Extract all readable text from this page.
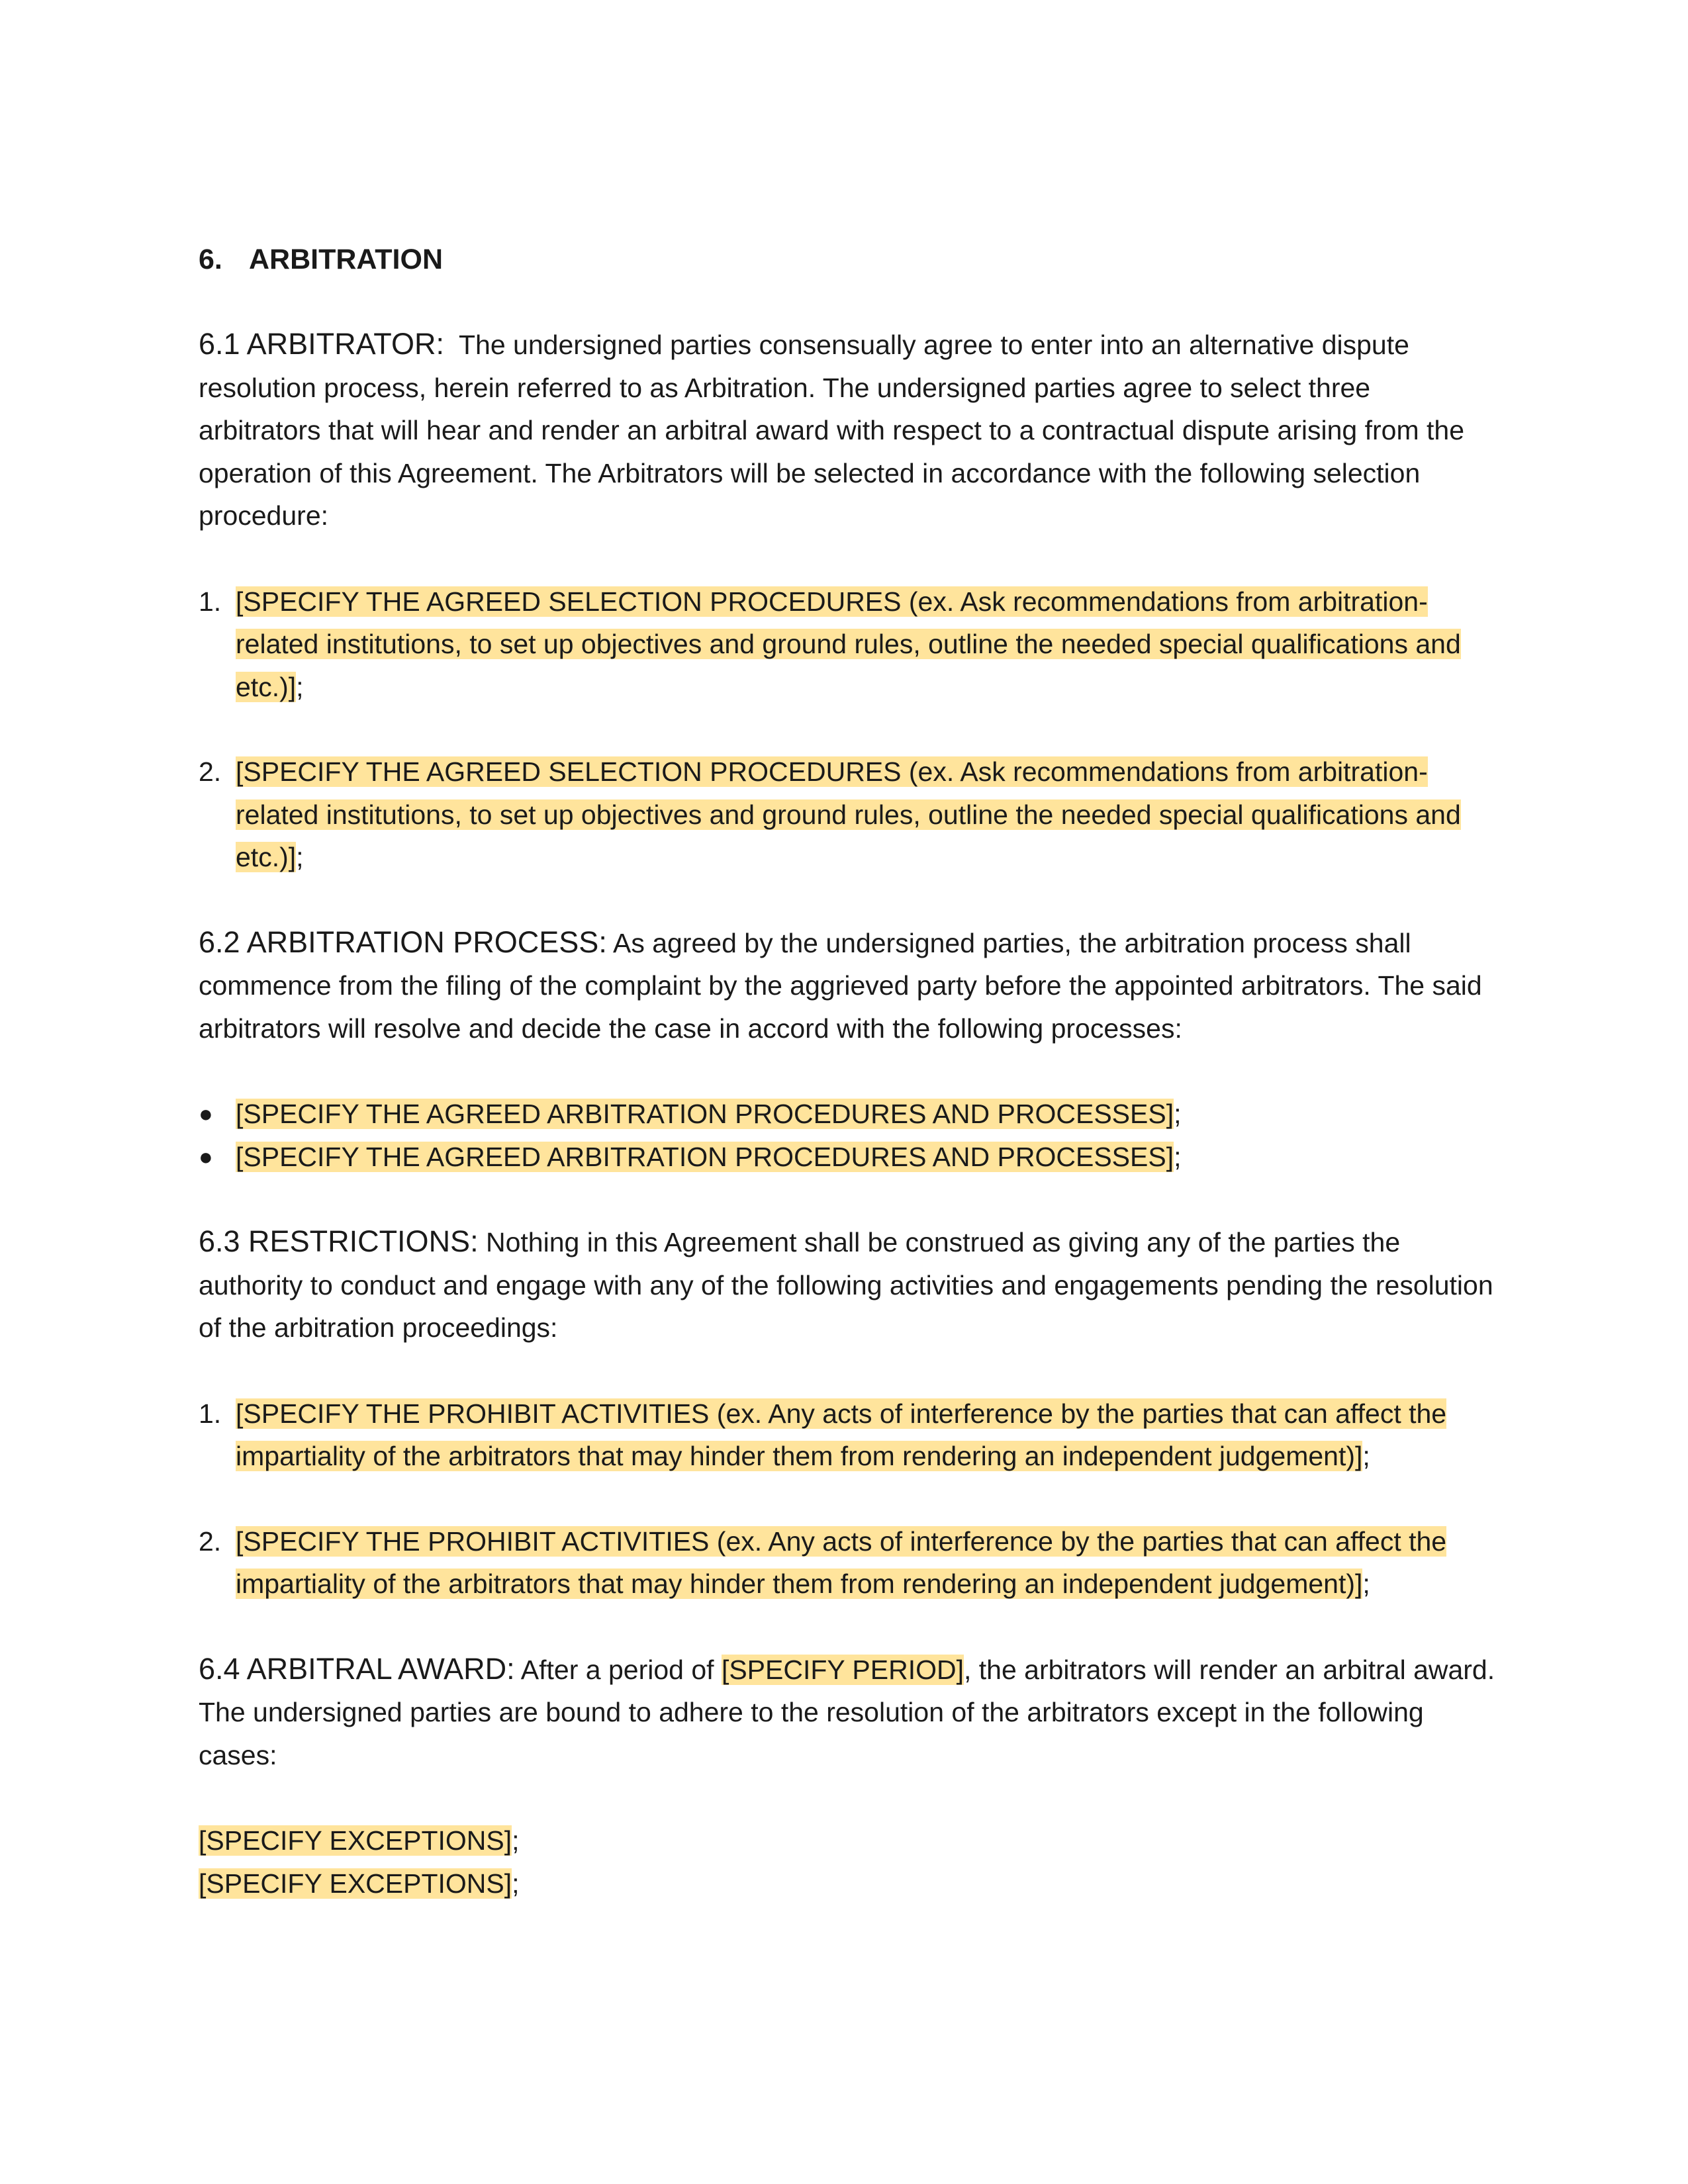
6. ARBITRATION
6.1 ARBITRATOR: The undersigned parties consensually agree to enter into an alternative dispute resolution process, herein referred to as Arbitration. The undersigned parties agree to select three arbitrators that will hear and render an arbitral award with respect to a contractual dispute arising from the operation of this Agreement. The Arbitrators will be selected in accordance with the following selection procedure:
1. [SPECIFY THE AGREED SELECTION PROCEDURES (ex. Ask recommendations from arbitration-related institutions, to set up objectives and ground rules, outline the needed special qualifications and etc.)];
2. [SPECIFY THE AGREED SELECTION PROCEDURES (ex. Ask recommendations from arbitration-related institutions, to set up objectives and ground rules, outline the needed special qualifications and etc.)];
6.2 ARBITRATION PROCESS: As agreed by the undersigned parties, the arbitration process shall commence from the filing of the complaint by the aggrieved party before the appointed arbitrators. The said arbitrators will resolve and decide the case in accord with the following processes:
● [SPECIFY THE AGREED ARBITRATION PROCEDURES AND PROCESSES];
● [SPECIFY THE AGREED ARBITRATION PROCEDURES AND PROCESSES];
6.3 RESTRICTIONS: Nothing in this Agreement shall be construed as giving any of the parties the authority to conduct and engage with any of the following activities and engagements pending the resolution of the arbitration proceedings:
1. [SPECIFY THE PROHIBIT ACTIVITIES (ex. Any acts of interference by the parties that can affect the impartiality of the arbitrators that may hinder them from rendering an independent judgement)];
2. [SPECIFY THE PROHIBIT ACTIVITIES (ex. Any acts of interference by the parties that can affect the impartiality of the arbitrators that may hinder them from rendering an independent judgement)];
6.4 ARBITRAL AWARD: After a period of [SPECIFY PERIOD], the arbitrators will render an arbitral award. The undersigned parties are bound to adhere to the resolution of the arbitrators except in the following cases:
[SPECIFY EXCEPTIONS];
[SPECIFY EXCEPTIONS];
